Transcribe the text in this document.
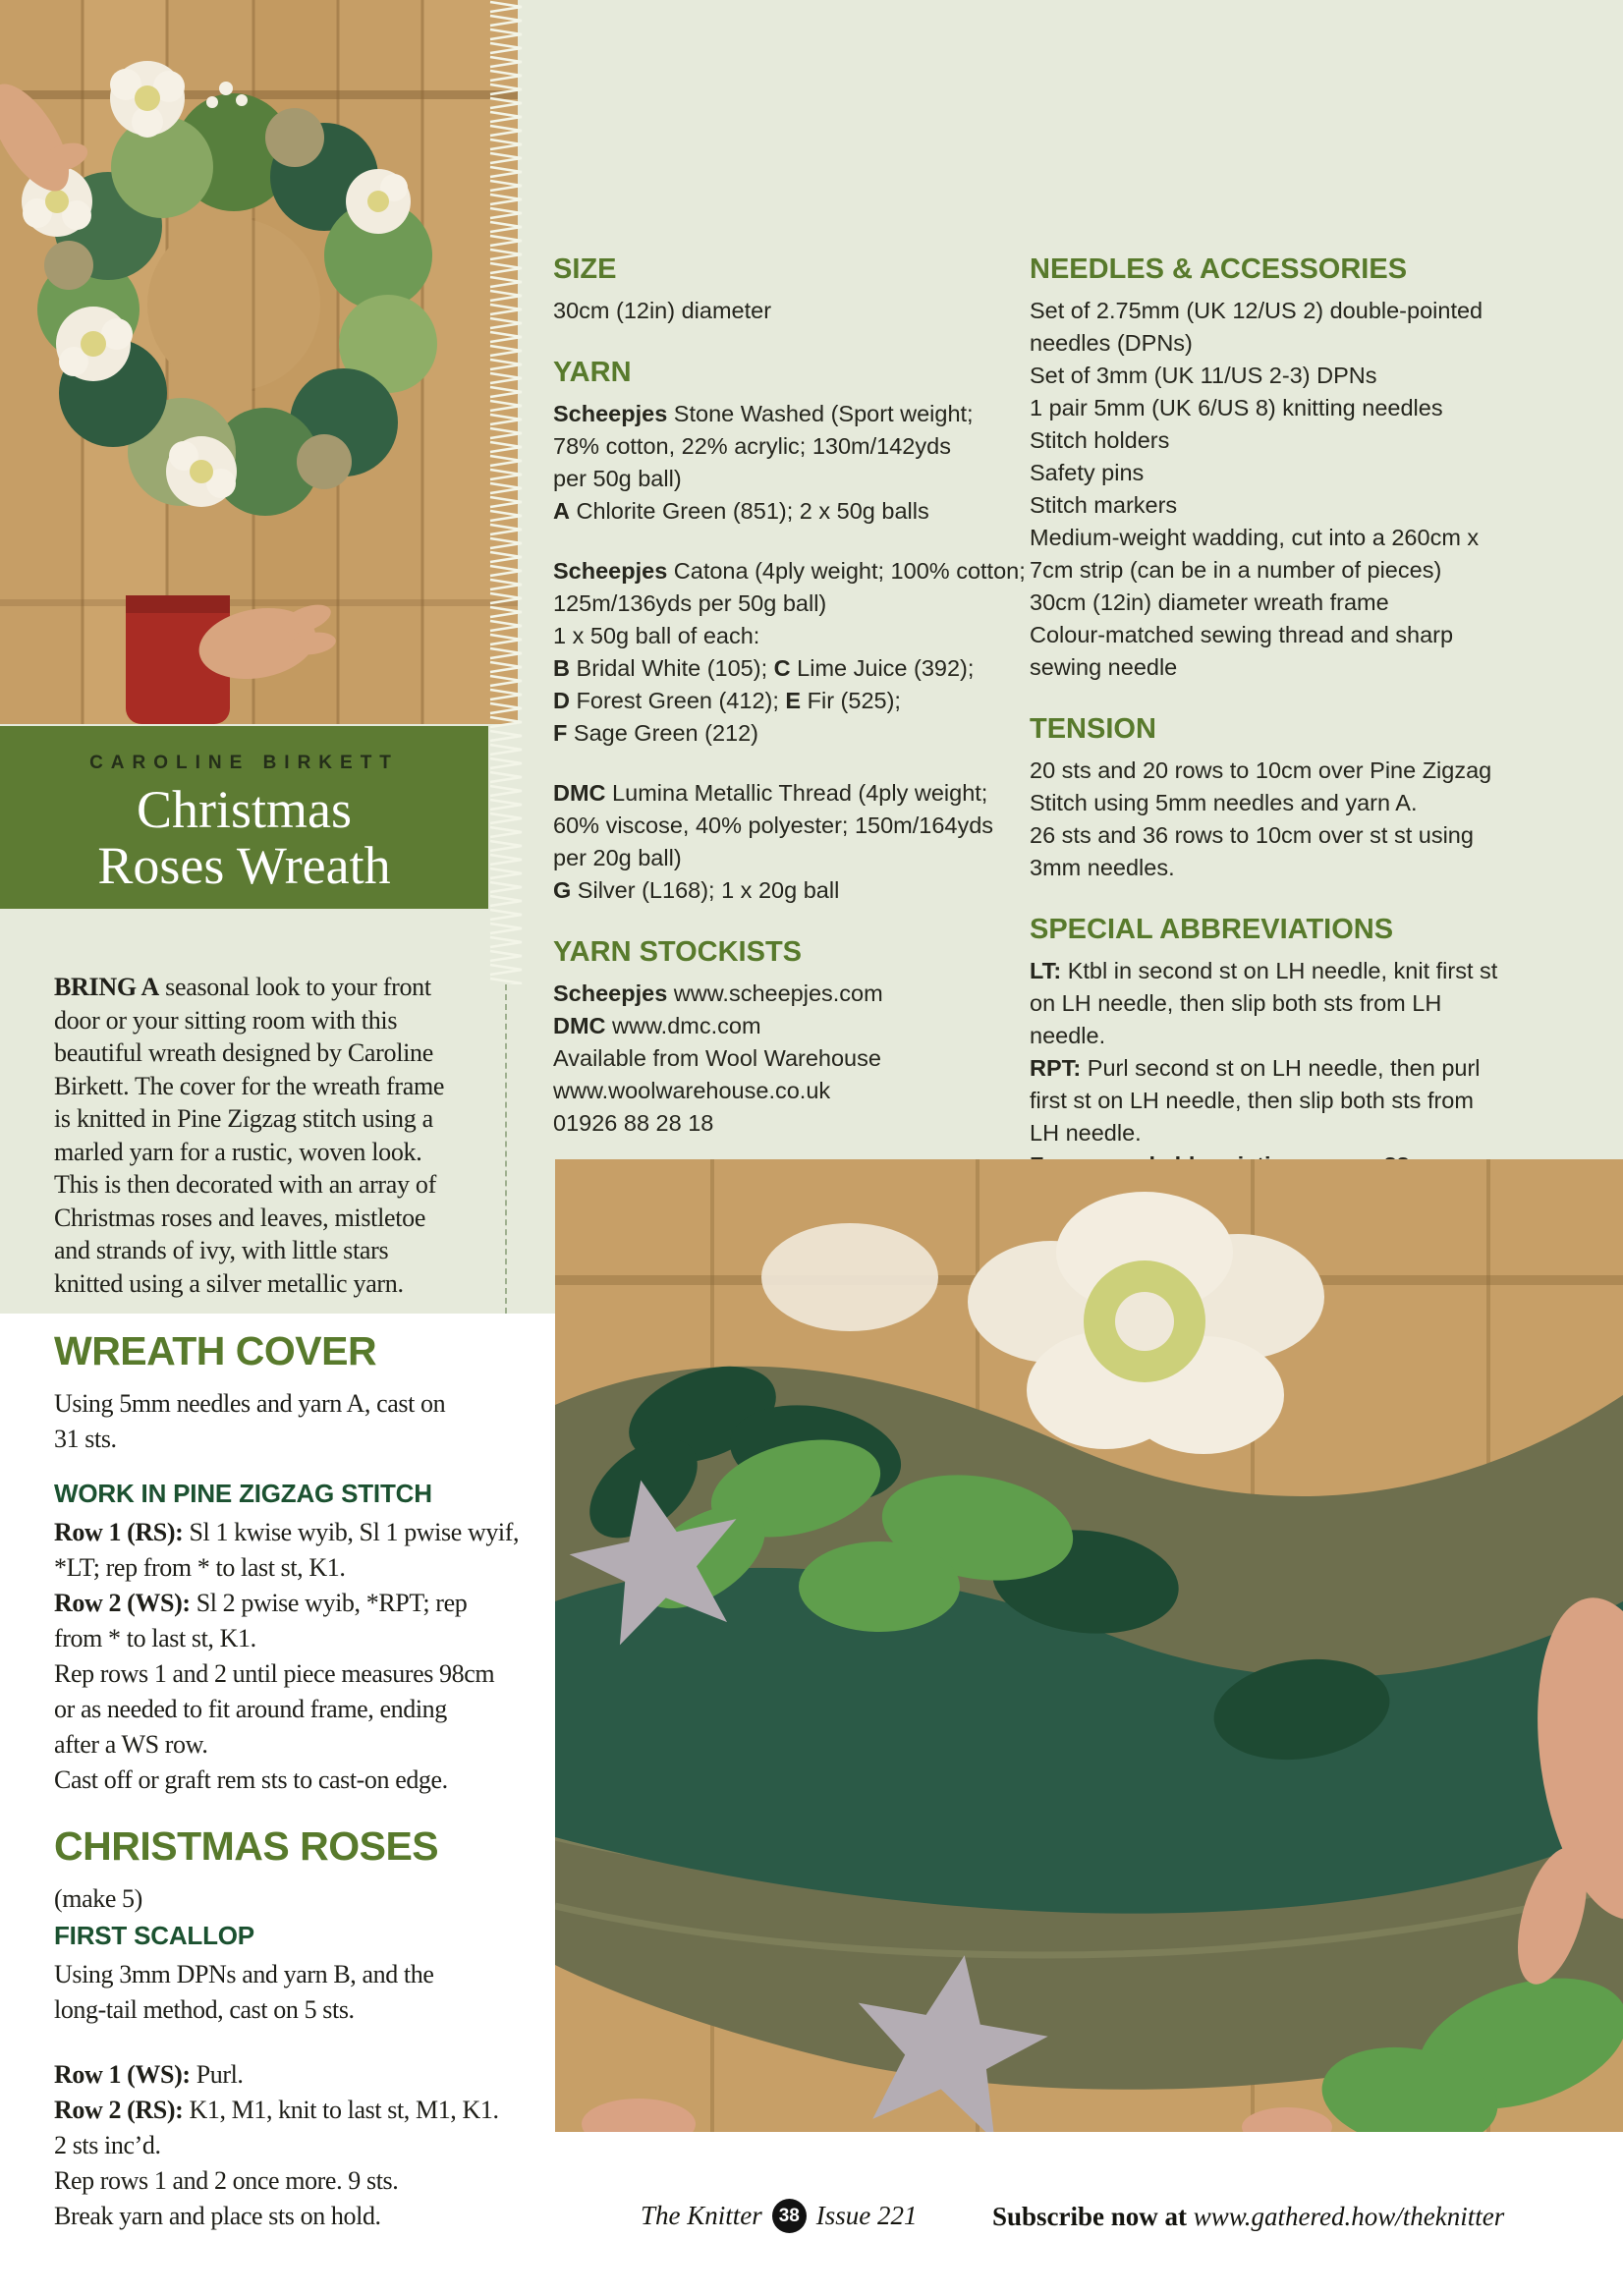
CAROLINE BIRKETT
Christmas
Roses Wreath
BRING A seasonal look to your front
door or your sitting room with this
beautiful wreath designed by Caroline
Birkett. The cover for the wreath frame
is knitted in Pine Zigzag stitch using a
marled yarn for a rustic, woven look.
This is then decorated with an array of
Christmas roses and leaves, mistletoe
and strands of ivy, with little stars
knitted using a silver metallic yarn.
SIZE
30cm (12in) diameter
YARN
Scheepjes Stone Washed (Sport weight;
78% cotton, 22% acrylic; 130m/142yds
per 50g ball)
A Chlorite Green (851); 2 x 50g balls
Scheepjes Catona (4ply weight; 100% cotton;
125m/136yds per 50g ball)
1 x 50g ball of each:
B Bridal White (105); C Lime Juice (392);
D Forest Green (412); E Fir (525);
F Sage Green (212)
DMC Lumina Metallic Thread (4ply weight;
60% viscose, 40% polyester; 150m/164yds
per 20g ball)
G Silver (L168); 1 x 20g ball
YARN STOCKISTS
Scheepjes www.scheepjes.com
DMC www.dmc.com
Available from Wool Warehouse
www.woolwarehouse.co.uk
01926 88 28 18
NEEDLES & ACCESSORIES
Set of 2.75mm (UK 12/US 2) double-pointed
needles (DPNs)
Set of 3mm (UK 11/US 2-3) DPNs
1 pair 5mm (UK 6/US 8) knitting needles
Stitch holders
Safety pins
Stitch markers
Medium-weight wadding, cut into a 260cm x
7cm strip (can be in a number of pieces)
30cm (12in) diameter wreath frame
Colour-matched sewing thread and sharp
sewing needle
TENSION
20 sts and 20 rows to 10cm over Pine Zigzag
Stitch using 5mm needles and yarn A.
26 sts and 36 rows to 10cm over st st using
3mm needles.
SPECIAL ABBREVIATIONS
LT: Ktbl in second st on LH needle, knit first st
on LH needle, then slip both sts from LH
needle.
RPT: Purl second st on LH needle, then purl
first st on LH needle, then slip both sts from
LH needle.
WREATH COVER
Using 5mm needles and yarn A, cast on
31 sts.
WORK IN PINE ZIGZAG STITCH
Row 1 (RS): Sl 1 kwise wyib, Sl 1 pwise wyif,
*LT; rep from * to last st, K1.
Row 2 (WS): Sl 2 pwise wyib, *RPT; rep
from * to last st, K1.
Rep rows 1 and 2 until piece measures 98cm
or as needed to fit around frame, ending
after a WS row.
Cast off or graft rem sts to cast-on edge.
CHRISTMAS ROSES
(make 5)
FIRST SCALLOP
Using 3mm DPNs and yarn B, and the
long-tail method, cast on 5 sts.
Row 1 (WS): Purl.
Row 2 (RS): K1, M1, knit to last st, M1, K1.
2 sts inc’d.
Rep rows 1 and 2 once more. 9 sts.
Break yarn and place sts on hold.	The Knitter 38 Issue 221	Subscribe now at www.gathered.how/theknitter
